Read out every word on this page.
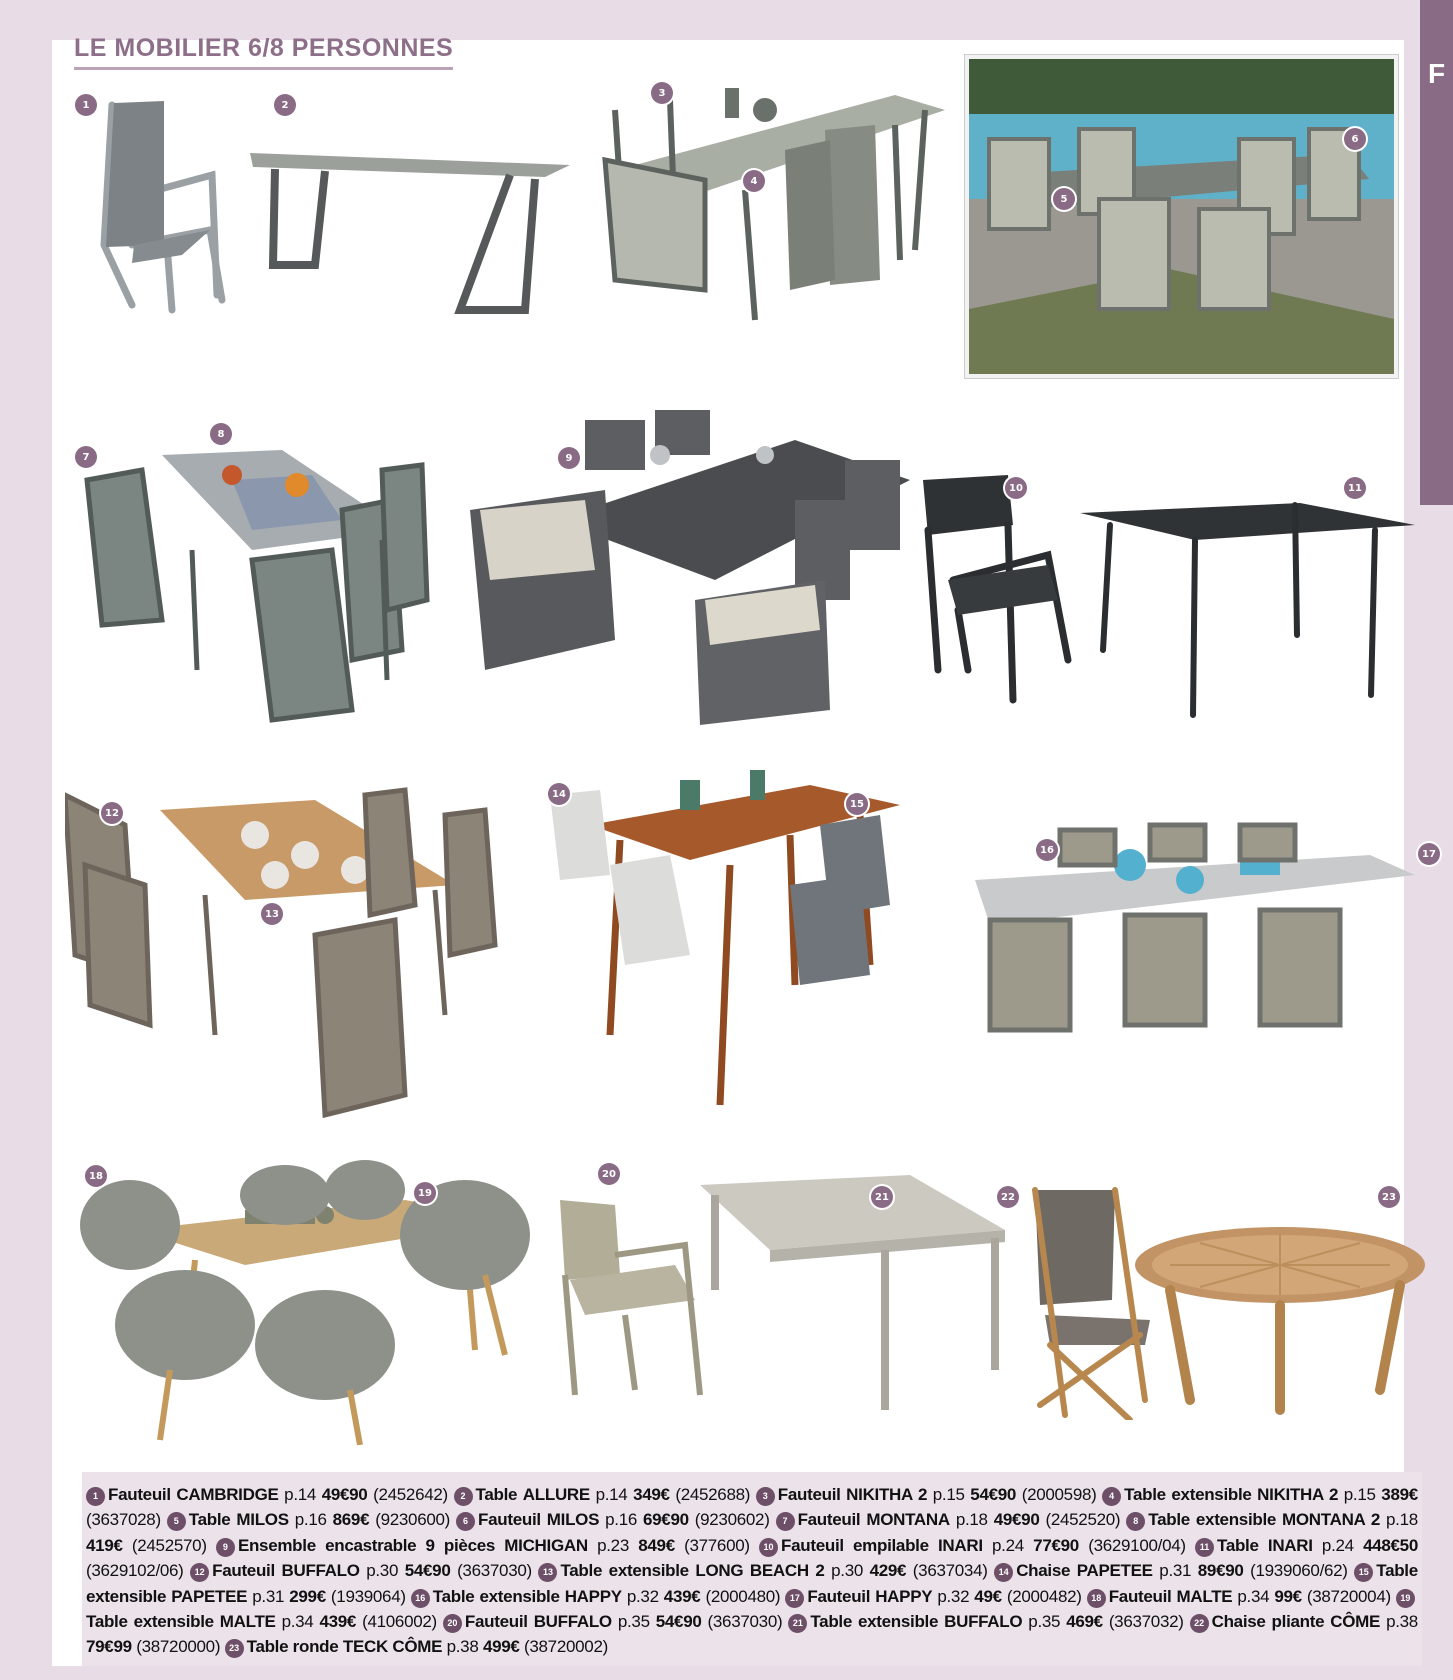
F
LE MOBILIER 6/8 PERSONNES
1	2
3
4
5
6
7
8
9
10	11
12
13
14
15
16	17
18
19
20
21	22	23
1 Fauteuil CAMBRIDGE p.14 49€90 (2452642) 2 Table ALLURE p.14 349€ (2452688) 3 Fauteuil NIKITHA 2 p.15 54€90 (2000598) 4 Table extensible NIKITHA 2 p.15 389€ (3637028) 5 Table MILOS p.16 869€ (9230600) 6 Fauteuil MILOS p.16 69€90 (9230602) 7 Fauteuil MONTANA p.18 49€90 (2452520) 8 Table extensible MONTANA 2 p.18 419€ (2452570) 9 Ensemble encastrable 9 pièces MICHIGAN p.23 849€ (377600) 10 Fauteuil empilable INARI p.24 77€90 (3629100/04) 11 Table INARI p.24 448€50 (3629102/06) 12 Fauteuil BUFFALO p.30 54€90 (3637030) 13 Table extensible LONG BEACH 2 p.30 429€ (3637034) 14 Chaise PAPETEE p.31 89€90 (1939060/62) 15 Table extensible PAPETEE p.31 299€ (1939064) 16 Table extensible HAPPY p.32 439€ (2000480) 17 Fauteuil HAPPY p.32 49€ (2000482) 18 Fauteuil MALTE p.34 99€ (38720004) 19Table extensible MALTE p.34 439€ (4106002) 20 Fauteuil BUFFALO p.35 54€90 (3637030) 21 Table extensible BUFFALO p.35 469€ (3637032) 22 Chaise pliante CÔME p.38 79€99 (38720000) 23 Table ronde TECK CÔME p.38 499€ (38720002)
